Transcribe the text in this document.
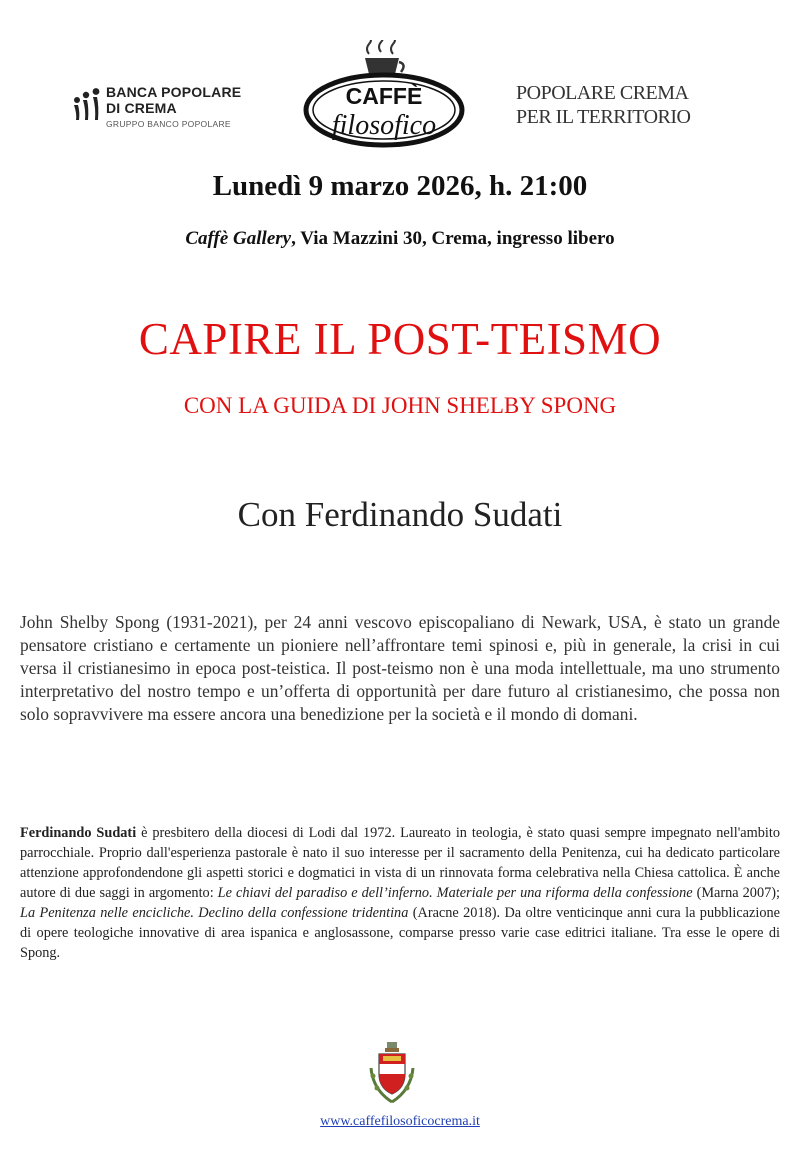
BANCA POPOLARE
DI CREMA
GRUPPO BANCO POPOLARE
CAFFÈ
filosofico
POPOLARE CREMA
PER IL TERRITORIO
Lunedì 9 marzo 2026, h. 21:00
Caffè Gallery, Via Mazzini 30, Crema, ingresso libero
CAPIRE IL POST-TEISMO
CON LA GUIDA DI JOHN SHELBY SPONG
Con Ferdinando Sudati

John Shelby Spong (1931-2021), per 24 anni vescovo episcopaliano di Newark, USA, è stato un grande pensatore cristiano e certamente un pioniere nell’affrontare temi spinosi e, più in generale, la crisi in cui versa il cristianesimo in epoca post-teistica. Il post-teismo non è una moda intellettuale, ma uno strumento interpretativo del nostro tempo e un’offerta di opportunità per dare futuro al cristianesimo, che possa non solo sopravvivere ma essere ancora una benedizione per la società e il mondo di domani.

Ferdinando Sudati è presbitero della diocesi di Lodi dal 1972. Laureato in teologia, è stato quasi sempre impegnato nell'ambito parrocchiale. Proprio dall'esperienza pastorale è nato il suo interesse per il sacramento della Penitenza, cui ha dedicato particolare attenzione approfondendone gli aspetti storici e dogmatici in vista di un rinnovata forma celebrativa nella Chiesa cattolica. È anche autore di due saggi in argomento: Le chiavi del paradiso e dell’inferno. Materiale per una riforma della confessione (Marna 2007); La Penitenza nelle encicliche. Declino della confessione tridentina (Aracne 2018). Da oltre venticinque anni cura la pubblicazione di opere teologiche innovative di area ispanica e anglosassone, comparse presso varie case editrici italiane. Tra esse le opere di Spong.

www.caffefilosoficocrema.it
